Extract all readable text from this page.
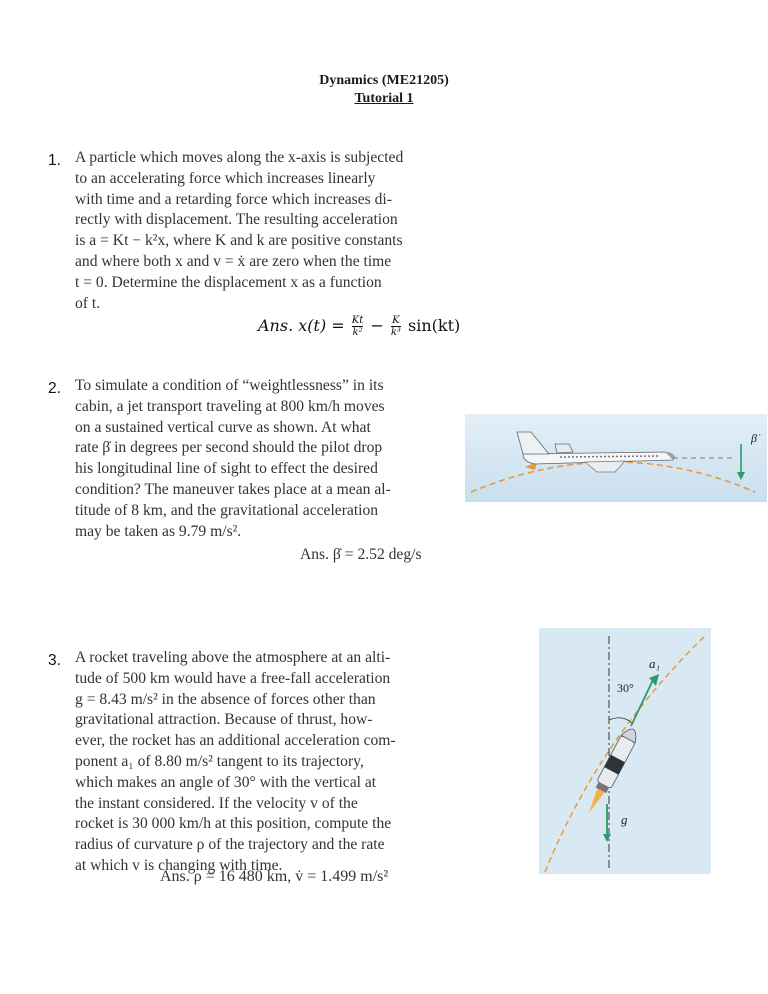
Dynamics (ME21205)
Tutorial 1
1. A particle which moves along the x-axis is subjected

to an accelerating force which increases linearly

with time and a retarding force which increases di-

rectly with displacement. The resulting acceleration

is a = Kt − k²x, where K and k are positive constants

and where both x and v = ẋ are zero when the time

t = 0. Determine the displacement x as a function

of t.

Ans. $x(t) = \frac{Kt}{\text{k²}} - \frac{K}{\text{k³}} \sin(kt)$
2. To simulate a condition of “weightlessness” in its

cabin, a jet transport traveling at 800 km/h moves

on a sustained vertical curve as shown. At what

rate β̇ in degrees per second should the pilot drop

his longitudinal line of sight to effect the desired

condition? The maneuver takes place at a mean al-

titude of 8 km, and the gravitational acceleration

may be taken as 9.79 m/s².

Ans. β̇ = 2.52 deg/s
β̇
3. A rocket traveling above the atmosphere at an alti-

tude of 500 km would have a free-fall acceleration

g = 8.43 m/s² in the absence of forces other than

gravitational attraction. Because of thrust, how-

ever, the rocket has an additional acceleration com-

ponent a₁ of 8.80 m/s² tangent to its trajectory,

which makes an angle of 30° with the vertical at

the instant considered. If the velocity v of the

rocket is 30 000 km/h at this position, compute the

radius of curvature ρ of the trajectory and the rate

at which v is changing with time.

Ans. ρ = 16 480 km, v̇ = 1.499 m/s²
30°
a₁
g
